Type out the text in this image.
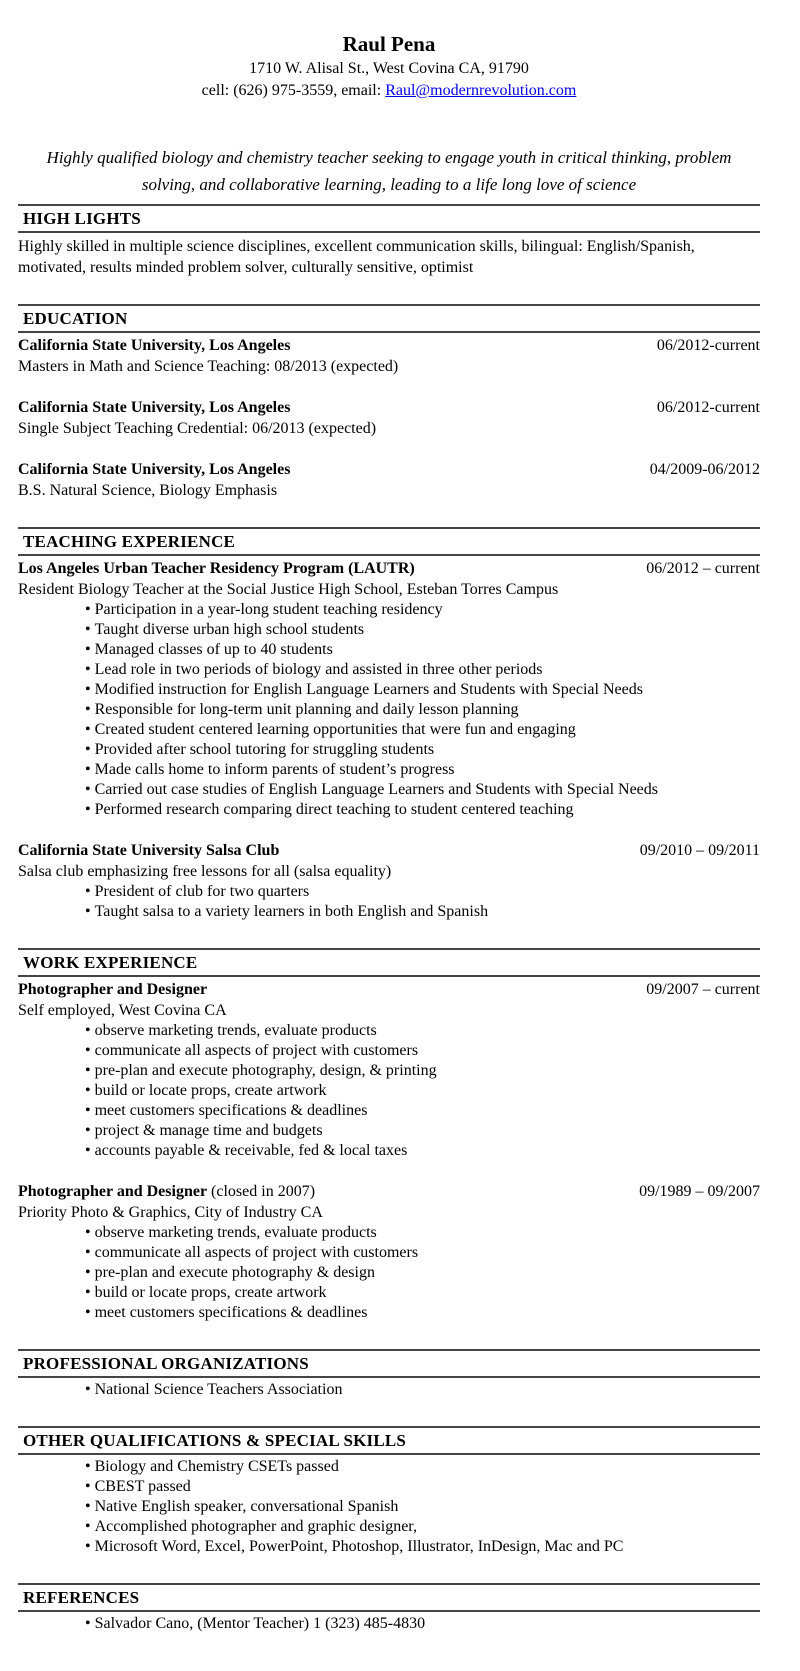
Raul Pena
1710 W. Alisal St., West Covina CA, 91790
cell: (626) 975-3559, email: Raul@modernrevolution.com
Highly qualified biology and chemistry teacher seeking to engage youth in critical thinking, problem solving, and collaborative learning, leading to a life long love of science
HIGH LIGHTS
Highly skilled in multiple science disciplines, excellent communication skills, bilingual: English/Spanish, motivated, results minded problem solver, culturally sensitive, optimist
EDUCATION
California State University, Los Angeles	06/2012-current
Masters in Math and Science Teaching: 08/2013 (expected)
California State University, Los Angeles	06/2012-current
Single Subject Teaching Credential: 06/2013 (expected)
California State University, Los Angeles	04/2009-06/2012
B.S. Natural Science, Biology Emphasis
TEACHING EXPERIENCE
Los Angeles Urban Teacher Residency Program (LAUTR)	06/2012 – current
Resident Biology Teacher at the Social Justice High School, Esteban Torres Campus
• Participation in a year-long student teaching residency
• Taught diverse urban high school students
• Managed classes of up to 40 students
• Lead role in two periods of biology and assisted in three other periods
• Modified instruction for English Language Learners and Students with Special Needs
• Responsible for long-term unit planning and daily lesson planning
• Created student centered learning opportunities that were fun and engaging
• Provided after school tutoring for struggling students
• Made calls home to inform parents of student’s progress
• Carried out case studies of English Language Learners and Students with Special Needs
• Performed research comparing direct teaching to student centered teaching
California State University Salsa Club	09/2010 – 09/2011
Salsa club emphasizing free lessons for all (salsa equality)
• President of club for two quarters
• Taught salsa to a variety learners in both English and Spanish
WORK EXPERIENCE
Photographer and Designer	09/2007 – current
Self employed, West Covina CA
• observe marketing trends, evaluate products
• communicate all aspects of project with customers
• pre-plan and execute photography, design, & printing
• build or locate props, create artwork
• meet customers specifications & deadlines
• project & manage time and budgets
• accounts payable & receivable, fed & local taxes
Photographer and Designer (closed in 2007)	09/1989 – 09/2007
Priority Photo & Graphics, City of Industry CA
• observe marketing trends, evaluate products
• communicate all aspects of project with customers
• pre-plan and execute photography & design
• build or locate props, create artwork
• meet customers specifications & deadlines
PROFESSIONAL ORGANIZATIONS
• National Science Teachers Association
OTHER QUALIFICATIONS & SPECIAL SKILLS
• Biology and Chemistry CSETs passed
• CBEST passed
• Native English speaker, conversational Spanish
• Accomplished photographer and graphic designer,
• Microsoft Word, Excel, PowerPoint, Photoshop, Illustrator, InDesign, Mac and PC
REFERENCES
• Salvador Cano, (Mentor Teacher) 1 (323) 485-4830
